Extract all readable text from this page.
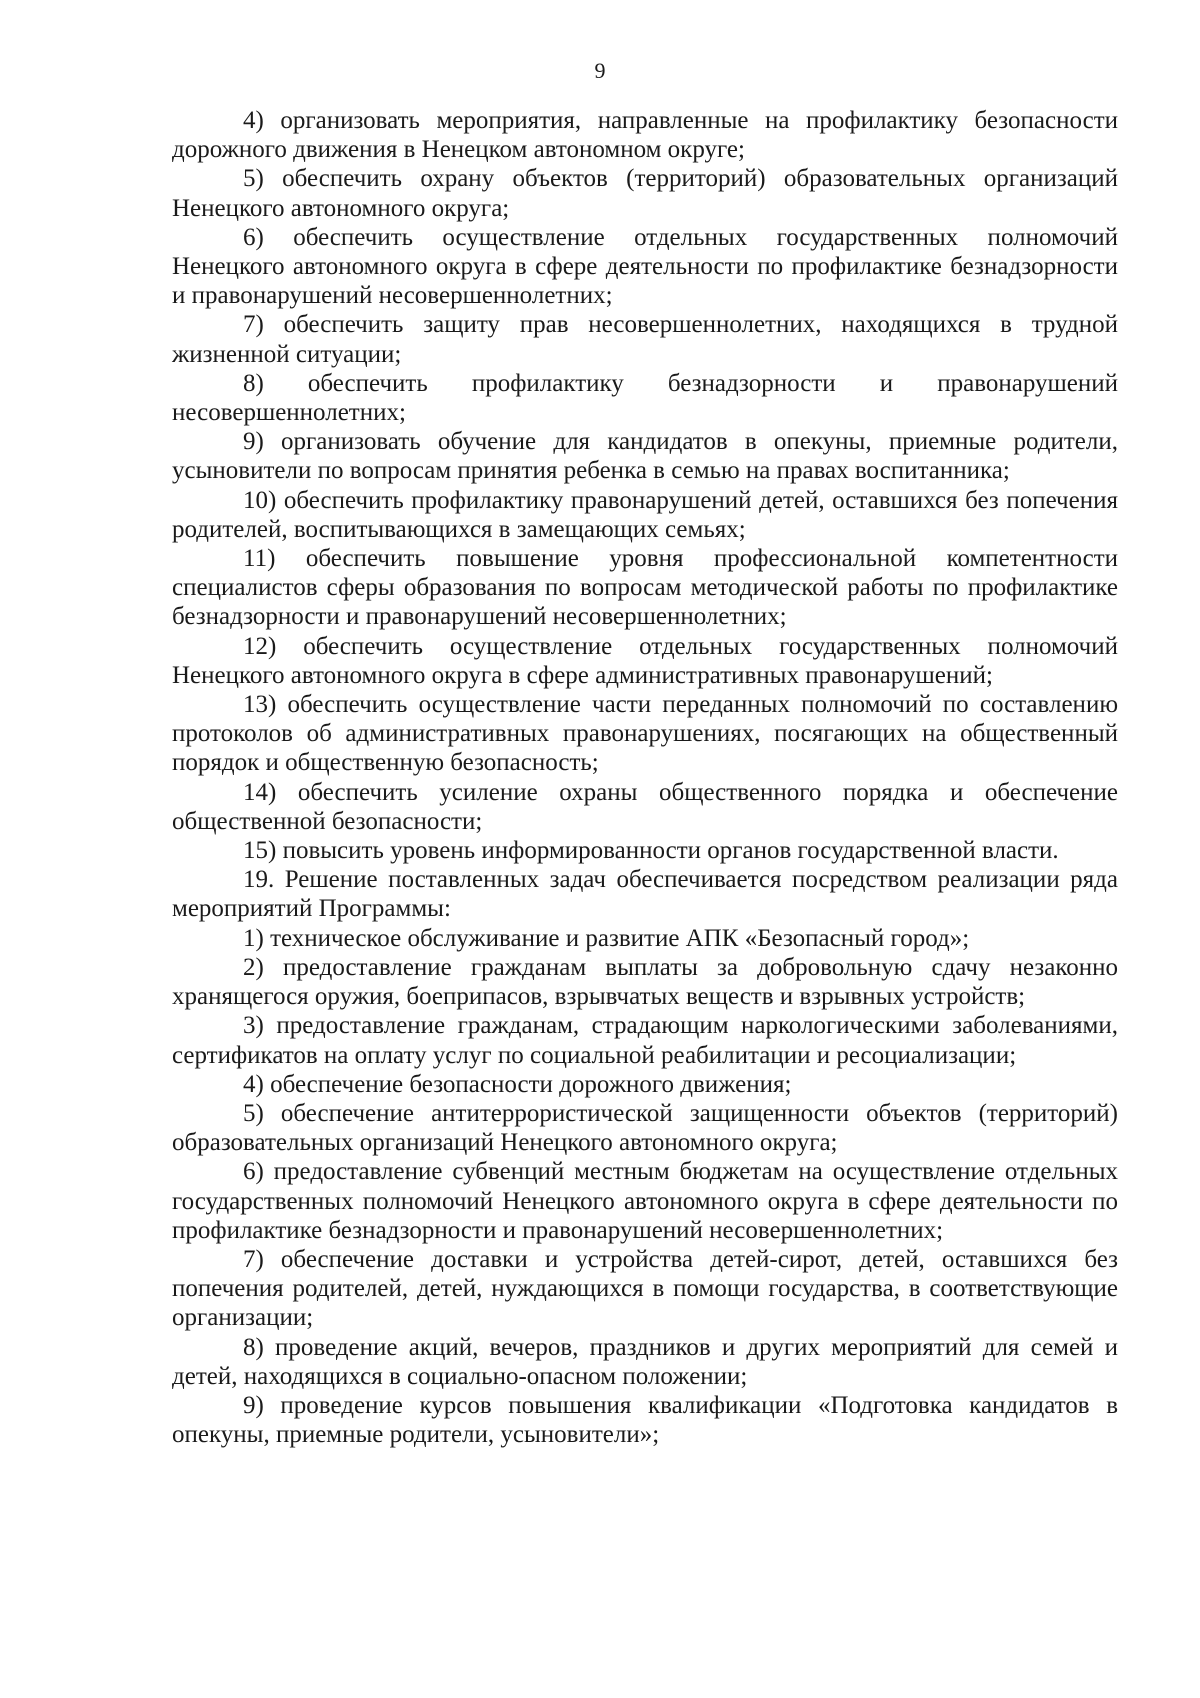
9

4) организовать мероприятия, направленные на профилактику безопасности дорожного движения в Ненецком автономном округе;

5) обеспечить охрану объектов (территорий) образовательных организаций Ненецкого автономного округа;

6) обеспечить осуществление отдельных государственных полномочий Ненецкого автономного округа в сфере деятельности по профилактике безнадзорности и правонарушений несовершеннолетних;

7) обеспечить защиту прав несовершеннолетних, находящихся в трудной жизненной ситуации;

8) обеспечить профилактику безнадзорности и правонарушений несовершеннолетних;

9) организовать обучение для кандидатов в опекуны, приемные родители, усыновители по вопросам принятия ребенка в семью на правах воспитанника;

10) обеспечить профилактику правонарушений детей, оставшихся без попечения родителей, воспитывающихся в замещающих семьях;

11) обеспечить повышение уровня профессиональной компетентности специалистов сферы образования по вопросам методической работы по профилактике безнадзорности и правонарушений несовершеннолетних;

12) обеспечить осуществление отдельных государственных полномочий Ненецкого автономного округа в сфере административных правонарушений;

13) обеспечить осуществление части переданных полномочий по составлению протоколов об административных правонарушениях, посягающих на общественный порядок и общественную безопасность;

14) обеспечить усиление охраны общественного порядка и обеспечение общественной безопасности;

15) повысить уровень информированности органов государственной власти.

19. Решение поставленных задач обеспечивается посредством реализации ряда мероприятий Программы:

1) техническое обслуживание и развитие АПК «Безопасный город»;

2) предоставление гражданам выплаты за добровольную сдачу незаконно хранящегося оружия, боеприпасов, взрывчатых веществ и взрывных устройств;

3) предоставление гражданам, страдающим наркологическими заболеваниями, сертификатов на оплату услуг по социальной реабилитации и ресоциализации;

4) обеспечение безопасности дорожного движения;

5) обеспечение антитеррористической защищенности объектов (территорий) образовательных организаций Ненецкого автономного округа;

6) предоставление субвенций местным бюджетам на осуществление отдельных государственных полномочий Ненецкого автономного округа в сфере деятельности по профилактике безнадзорности и правонарушений несовершеннолетних;

7) обеспечение доставки и устройства детей-сирот, детей, оставшихся без попечения родителей, детей, нуждающихся в помощи государства, в соответствующие организации;

8) проведение акций, вечеров, праздников и других мероприятий для семей и детей, находящихся в социально-опасном положении;

9) проведение курсов повышения квалификации «Подготовка кандидатов в опекуны, приемные родители, усыновители»;
